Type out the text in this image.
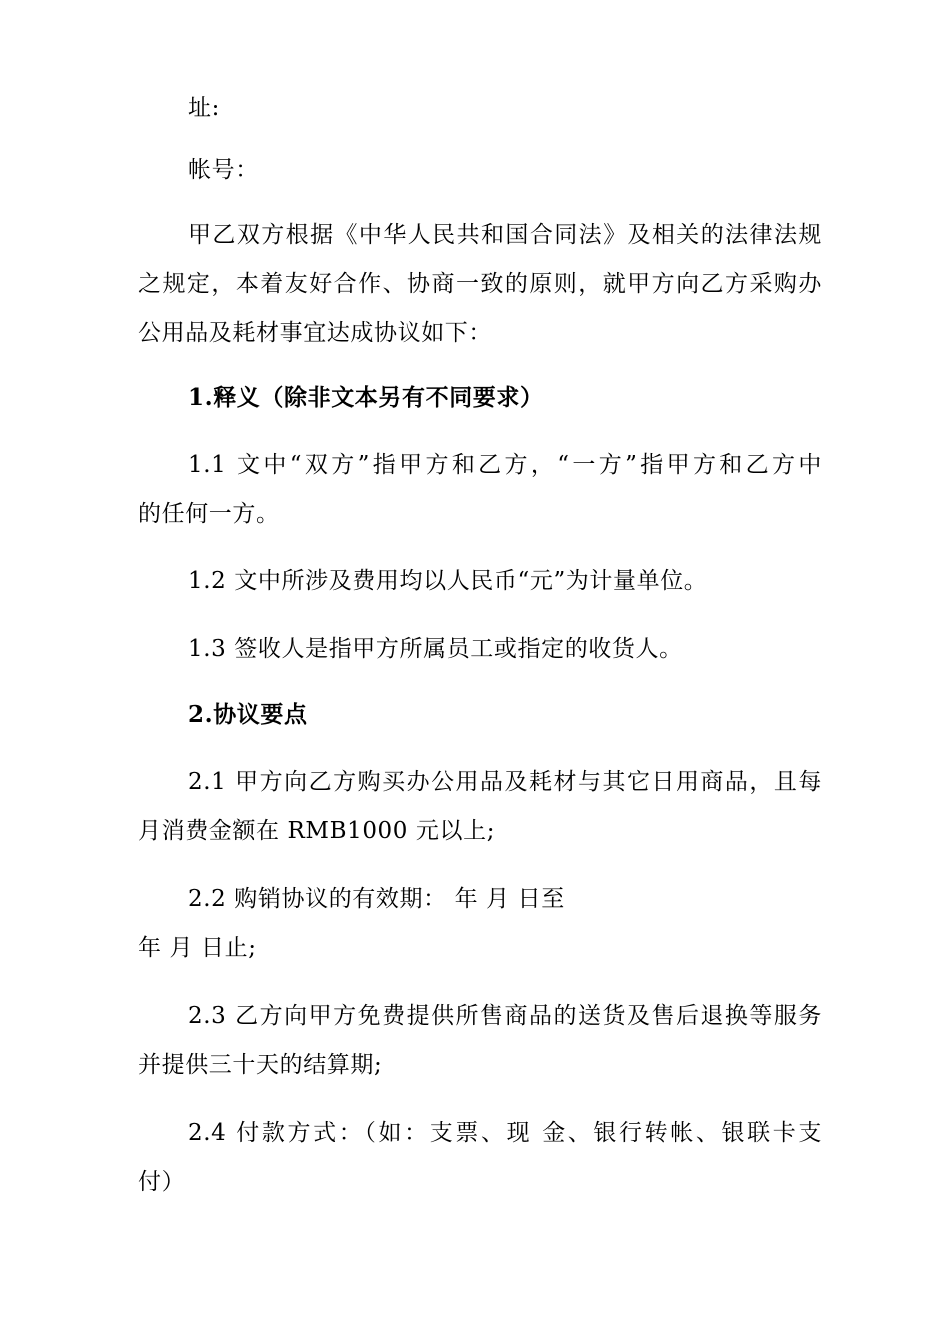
址:
帐号：
甲乙双方根据《中华人民共和国合同法》及相关的法律法规
之规定，本着友好合作、协商一致的原则，就甲方向乙方采购办
公用品及耗材事宜达成协议如下：
1.释义（除非文本另有不同要求）
1.1 文中“双方”指甲方和乙方，“一方”指甲方和乙方中
的任何一方。
1.2 文中所涉及费用均以人民币“元”为计量单位。
1.3 签收人是指甲方所属员工或指定的收货人。
2.协议要点
2.1 甲方向乙方购买办公用品及耗材与其它日用商品，且每
月消费金额在 RMB1000 元以上;
2.2 购销协议的有效期： 年 月 日至
年 月 日止;
2.3 乙方向甲方免费提供所售商品的送货及售后退换等服务
并提供三十天的结算期;
2.4 付款方式：（如：支票、现 金、银行转帐、银联卡支
付）
